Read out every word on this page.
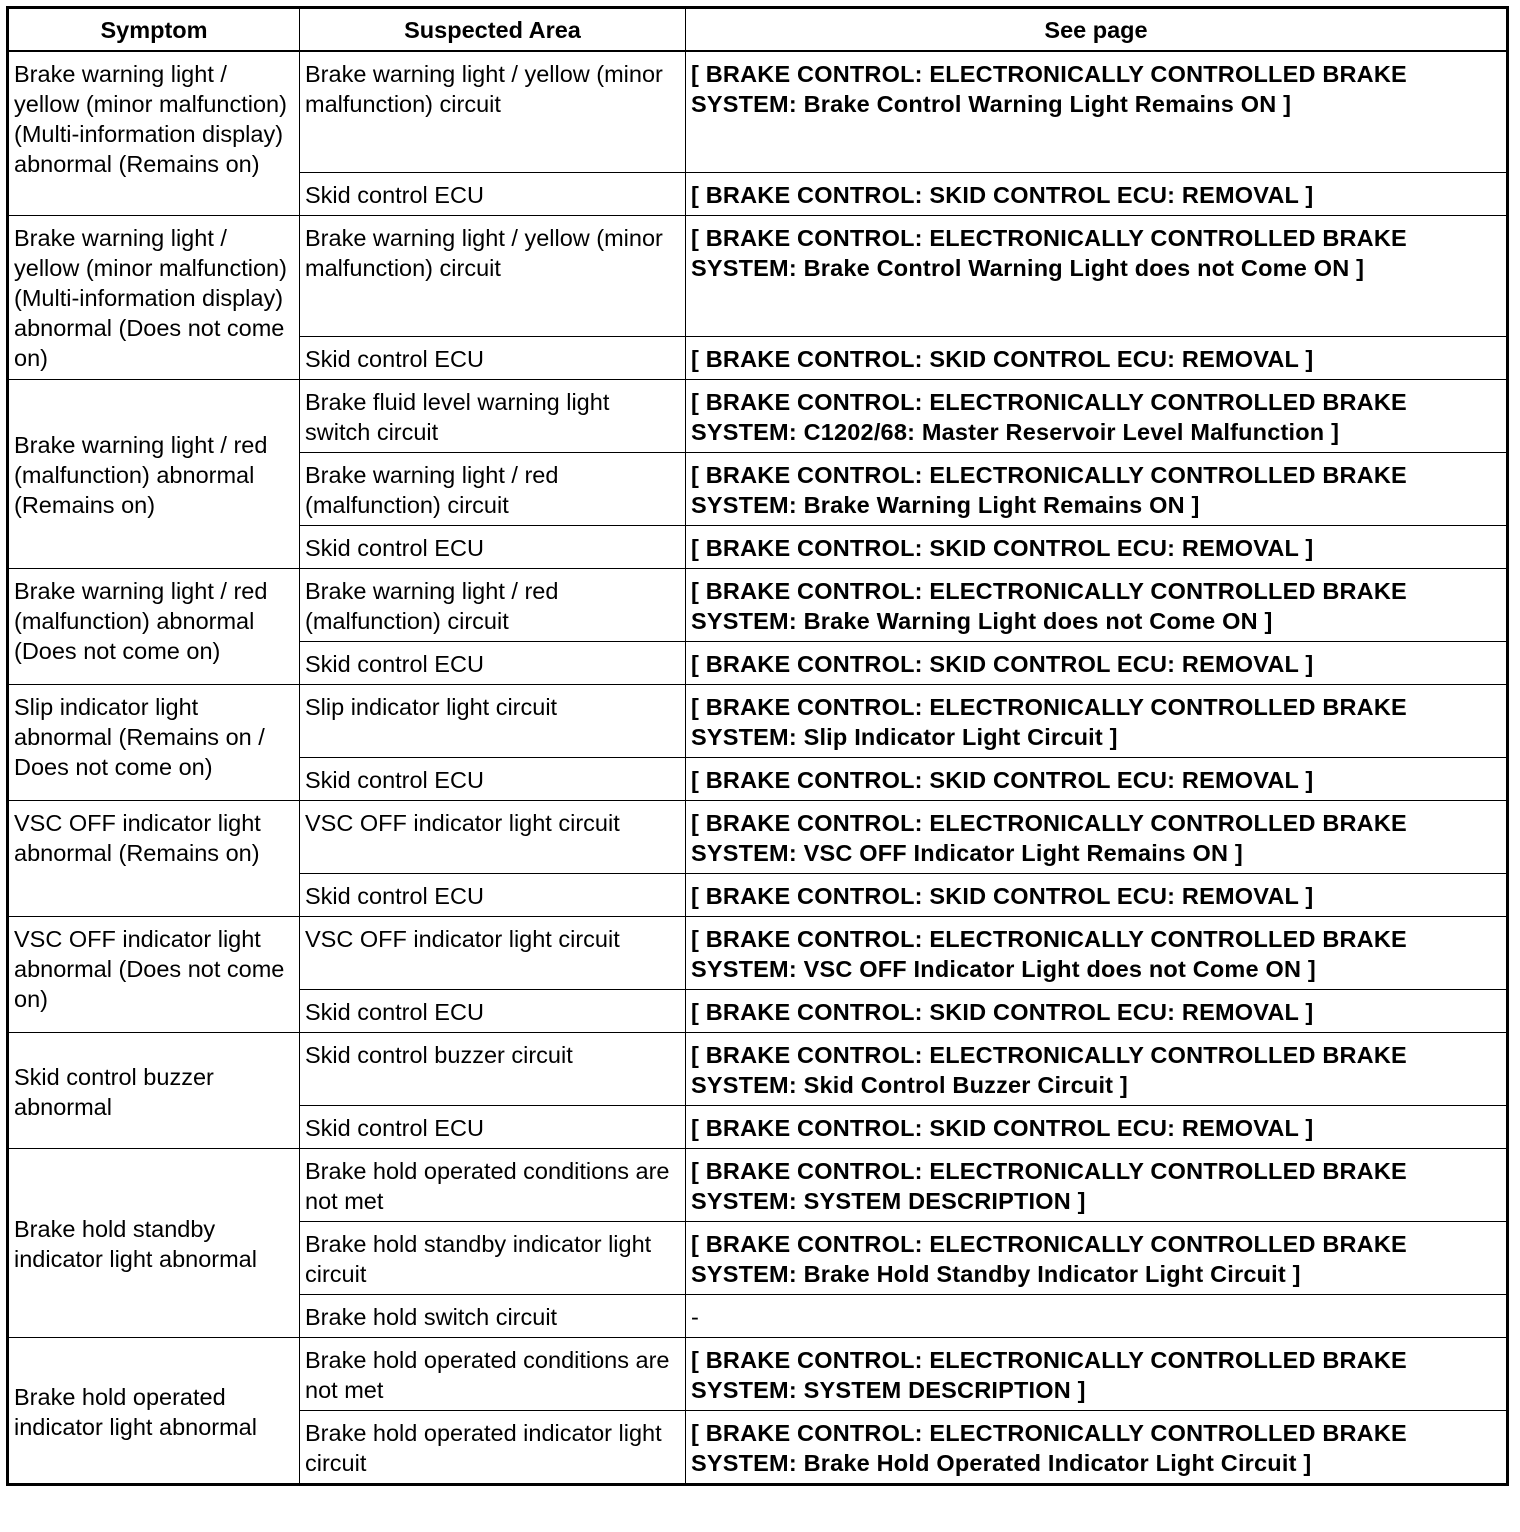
Symptom	Suspected Area	See page
Brake warning light / yellow (minor malfunction) (Multi-information display) abnormal (Remains on)	Brake warning light / yellow (minor malfunction) circuit	[ BRAKE CONTROL: ELECTRONICALLY CONTROLLED BRAKE SYSTEM: Brake Control Warning Light Remains ON ]
	Skid control ECU	[ BRAKE CONTROL: SKID CONTROL ECU: REMOVAL ]
Brake warning light / yellow (minor malfunction) (Multi-information display) abnormal (Does not come on)	Brake warning light / yellow (minor malfunction) circuit	[ BRAKE CONTROL: ELECTRONICALLY CONTROLLED BRAKE SYSTEM: Brake Control Warning Light does not Come ON ]
	Skid control ECU	[ BRAKE CONTROL: SKID CONTROL ECU: REMOVAL ]
Brake warning light / red (malfunction) abnormal (Remains on)	Brake fluid level warning light switch circuit	[ BRAKE CONTROL: ELECTRONICALLY CONTROLLED BRAKE SYSTEM: C1202/68: Master Reservoir Level Malfunction ]
	Brake warning light / red (malfunction) circuit	[ BRAKE CONTROL: ELECTRONICALLY CONTROLLED BRAKE SYSTEM: Brake Warning Light Remains ON ]
	Skid control ECU	[ BRAKE CONTROL: SKID CONTROL ECU: REMOVAL ]
Brake warning light / red (malfunction) abnormal (Does not come on)	Brake warning light / red (malfunction) circuit	[ BRAKE CONTROL: ELECTRONICALLY CONTROLLED BRAKE SYSTEM: Brake Warning Light does not Come ON ]
	Skid control ECU	[ BRAKE CONTROL: SKID CONTROL ECU: REMOVAL ]
Slip indicator light abnormal (Remains on / Does not come on)	Slip indicator light circuit	[ BRAKE CONTROL: ELECTRONICALLY CONTROLLED BRAKE SYSTEM: Slip Indicator Light Circuit ]
	Skid control ECU	[ BRAKE CONTROL: SKID CONTROL ECU: REMOVAL ]
VSC OFF indicator light abnormal (Remains on)	VSC OFF indicator light circuit	[ BRAKE CONTROL: ELECTRONICALLY CONTROLLED BRAKE SYSTEM: VSC OFF Indicator Light Remains ON ]
	Skid control ECU	[ BRAKE CONTROL: SKID CONTROL ECU: REMOVAL ]
VSC OFF indicator light abnormal (Does not come on)	VSC OFF indicator light circuit	[ BRAKE CONTROL: ELECTRONICALLY CONTROLLED BRAKE SYSTEM: VSC OFF Indicator Light does not Come ON ]
	Skid control ECU	[ BRAKE CONTROL: SKID CONTROL ECU: REMOVAL ]
Skid control buzzer abnormal	Skid control buzzer circuit	[ BRAKE CONTROL: ELECTRONICALLY CONTROLLED BRAKE SYSTEM: Skid Control Buzzer Circuit ]
	Skid control ECU	[ BRAKE CONTROL: SKID CONTROL ECU: REMOVAL ]
Brake hold standby indicator light abnormal	Brake hold operated conditions are not met	[ BRAKE CONTROL: ELECTRONICALLY CONTROLLED BRAKE SYSTEM: SYSTEM DESCRIPTION ]
	Brake hold standby indicator light circuit	[ BRAKE CONTROL: ELECTRONICALLY CONTROLLED BRAKE SYSTEM: Brake Hold Standby Indicator Light Circuit ]
	Brake hold switch circuit	-
Brake hold operated indicator light abnormal	Brake hold operated conditions are not met	[ BRAKE CONTROL: ELECTRONICALLY CONTROLLED BRAKE SYSTEM: SYSTEM DESCRIPTION ]
	Brake hold operated indicator light circuit	[ BRAKE CONTROL: ELECTRONICALLY CONTROLLED BRAKE SYSTEM: Brake Hold Operated Indicator Light Circuit ]
